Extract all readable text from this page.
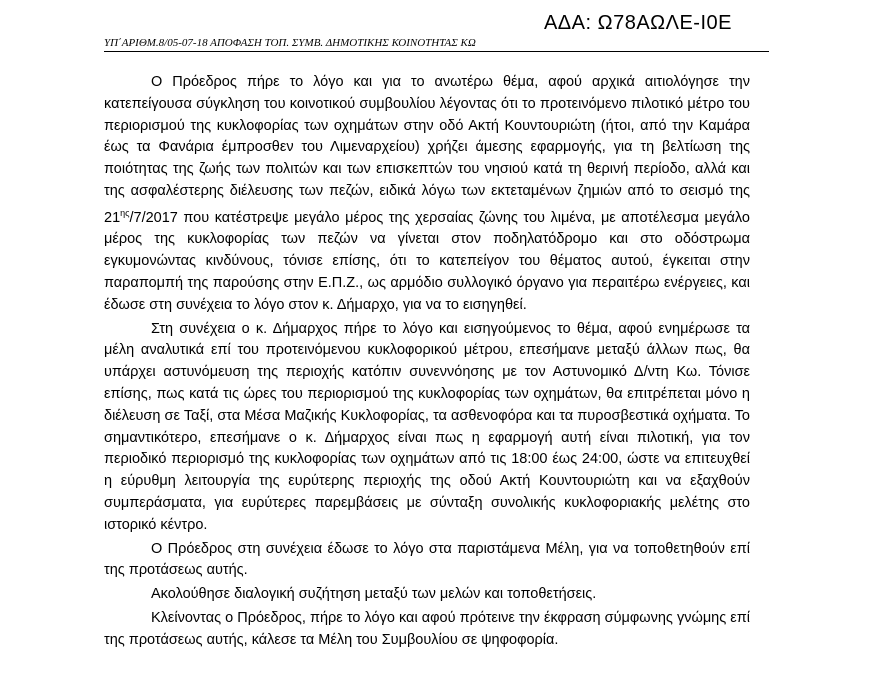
ΑΔΑ: Ω78ΑΩΛΕ-Ι0Ε
ΥΠ΄ΑΡΙΘΜ.8/05-07-18 ΑΠΟΦΑΣΗ ΤΟΠ. ΣΥΜΒ. ΔΗΜΟΤΙΚΗΣ ΚΟΙΝΟΤΗΤΑΣ ΚΩ

Ο Πρόεδρος πήρε το λόγο και για το ανωτέρω θέμα, αφού αρχικά αιτιολόγησε την κατεπείγουσα σύγκληση του κοινοτικού συμβουλίου λέγοντας ότι το προτεινόμενο πιλοτικό μέτρο του περιορισμού της κυκλοφορίας των οχημάτων στην οδό Ακτή Κουντουριώτη (ήτοι, από την Καμάρα έως τα Φανάρια έμπροσθεν του Λιμεναρχείου) χρήζει άμεσης εφαρμογής, για τη βελτίωση της ποιότητας της ζωής των πολιτών και των επισκεπτών του νησιού κατά τη θερινή περίοδο, αλλά και της ασφαλέστερης διέλευσης των πεζών, ειδικά λόγω των εκτεταμένων ζημιών από το σεισμό της $21^{\eta\varsigma}/7/2017$ που κατέστρεψε μεγάλο μέρος της χερσαίας ζώνης του λιμένα, με αποτέλεσμα μεγάλο μέρος της κυκλοφορίας των πεζών να γίνεται στον ποδηλατόδρομο και στο οδόστρωμα εγκυμονώντας κινδύνους, τόνισε επίσης, ότι το κατεπείγον του θέματος αυτού, έγκειται στην παραπομπή της παρούσης στην Ε.Π.Ζ., ως αρμόδιο συλλογικό όργανο για περαιτέρω ενέργειες, και έδωσε στη συνέχεια το λόγο στον κ. Δήμαρχο, για να το εισηγηθεί.

Στη συνέχεια ο κ. Δήμαρχος πήρε το λόγο και εισηγούμενος το θέμα, αφού ενημέρωσε τα μέλη αναλυτικά επί του προτεινόμενου κυκλοφορικού μέτρου, επεσήμανε μεταξύ άλλων πως, θα υπάρχει αστυνόμευση της περιοχής κατόπιν συνεννόησης με τον Αστυνομικό Δ/ντη Κω. Τόνισε επίσης, πως κατά τις ώρες του περιορισμού της κυκλοφορίας των οχημάτων, θα επιτρέπεται μόνο η διέλευση σε Ταξί, στα Μέσα Μαζικής Κυκλοφορίας, τα ασθενοφόρα και τα πυροσβεστικά οχήματα. Το σημαντικότερο, επεσήμανε ο κ. Δήμαρχος είναι πως η εφαρμογή αυτή είναι πιλοτική, για τον περιοδικό περιορισμό της κυκλοφορίας των οχημάτων από τις 18:00 έως 24:00, ώστε να επιτευχθεί η εύρυθμη λειτουργία της ευρύτερης περιοχής της οδού Ακτή Κουντουριώτη και να εξαχθούν συμπεράσματα, για ευρύτερες παρεμβάσεις με σύνταξη συνολικής κυκλοφοριακής μελέτης στο ιστορικό κέντρο.

Ο Πρόεδρος στη συνέχεια έδωσε το λόγο στα παριστάμενα Μέλη, για να τοποθετηθούν επί της προτάσεως αυτής.

Ακολούθησε διαλογική συζήτηση μεταξύ των μελών και τοποθετήσεις.

Κλείνοντας ο Πρόεδρος, πήρε το λόγο και αφού πρότεινε την έκφραση σύμφωνης γνώμης επί της προτάσεως αυτής, κάλεσε τα Μέλη του Συμβουλίου σε ψηφοφορία.
